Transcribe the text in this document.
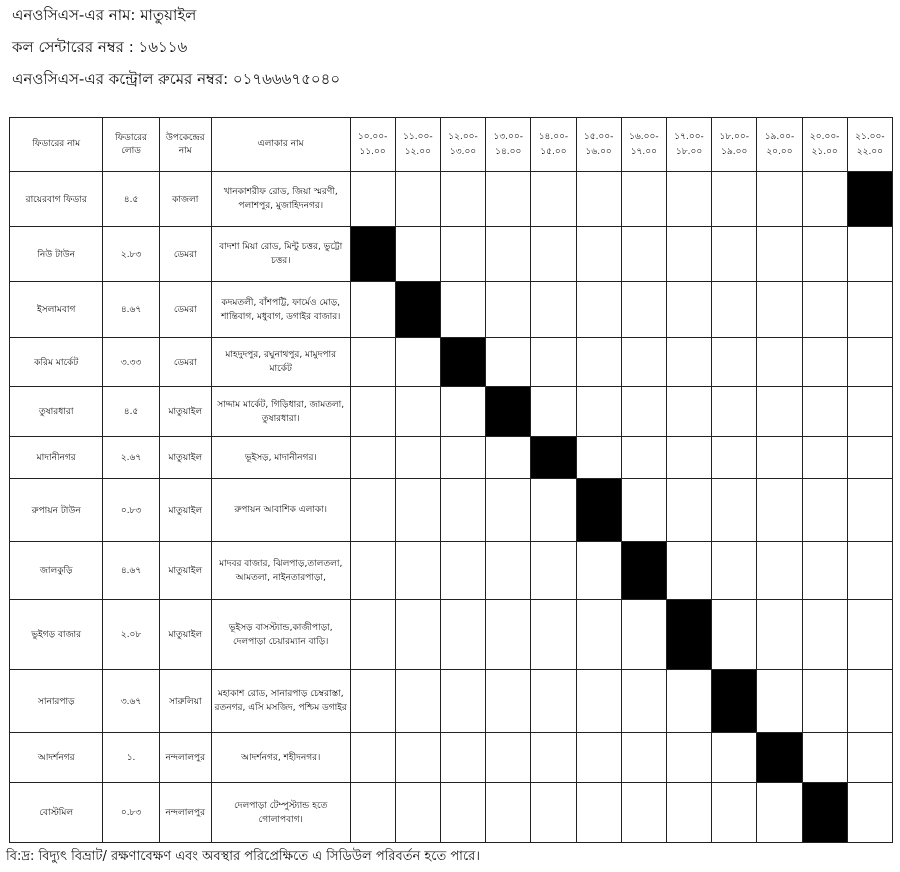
এনওসিএস-এর নাম: মাতুয়াইল
কল সেন্টারের নম্বর : ১৬১১৬
এনওসিএস-এর কন্ট্রোল রুমের নম্বর: ০১৭৬৬৬৭৫০৪০
ফিডারের নাম	ফিডারের লোড	উপকেন্দ্রের নাম	এলাকার নাম	১০.০০- ১১.০০	১১.০০- ১২.০০	১২.০০- ১৩.০০	১৩.০০- ১৪.০০	১৪.০০- ১৫.০০	১৫.০০- ১৬.০০	১৬.০০- ১৭.০০	১৭.০০- ১৮.০০	১৮.০০- ১৯.০০	১৯.০০- ২০.০০	২০.০০- ২১.০০	২১.০০- ২২.০০
রায়েরবাগ ফিডার	৪.৫	কাজলা	খানকাশরীফ রোড, জিয়া স্মরণী, পলাশপুর, মুজাহিদনগর।												
নিউ টাউন	২.৮৩	ডেমরা	বাদশা মিয়া রোড, মিন্টু চত্তর, ভুট্টো চত্তর।												
ইসলামবাগ	৪.৬৭	ডেমরা	কদমতলী, বাঁশপট্টি, ফার্মেও মোড়, শান্তিবাগ, মধুবাগ, ডগাইর বাজার।												
করিম মার্কেট	৩.৩৩	ডেমরা	মাহদুদপুর, রঘুনাথপুর, মামুদপার মার্কেট												
তুষারধারা	৪.৫	মাতুয়াইল	সাদ্দাম মার্কেট, গিড়িধারা, জামতলা, তুষারধারা।												
মাদানীনগর	২.৬৭	মাতুয়াইল	ভূইসড়, মাদানীনগর।												
রুপায়ন টাউন	০.৮৩	মাতুয়াইল	রুপায়ন আবাশিক এলাকা।												
জালকুড়ি	৪.৬৭	মাতুয়াইল	মাদবর বাজার, ঝিলপাড়,তালতলা, আমতলা, নাইনতারপাড়া,												
ভুইগড় বাজার	২.০৮	মাতুয়াইল	ভূইসড় বাসস্ট্যান্ড,কাজীপাড়া, দেলপাড়া চেয়ারম্যান বাড়ি।												
সানারপাড়	৩.৬৭	সারুলিয়া	মহাকাশ রোড, সানারপাড় চেম্বরাস্তা, রতনগর, এসি মসজিদ, পশ্চিম ডগাইর												
আদর্শনগর	১.	নন্দলালপুর	আদর্শনগর, শহীদনগর।												
বোস্টমিল	০.৮৩	নন্দলালপুর	দেলপাড়া টেম্পুস্ট্যান্ড হতে গোলাপবাগ।												
বি:দ্র: বিদ্যুৎ বিভ্রাট/ রক্ষণাবেক্ষণ এবং অবস্থার পরিপ্রেক্ষিতে এ সিডিউল পরিবর্তন হতে পারে।
